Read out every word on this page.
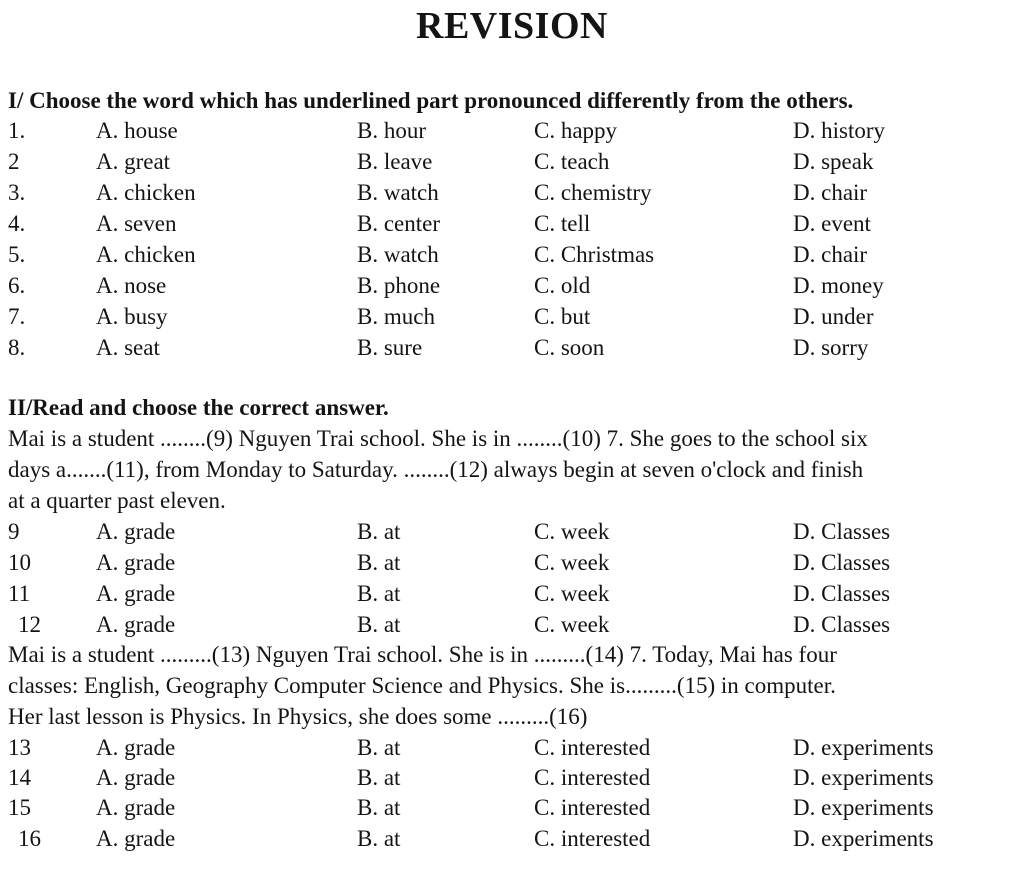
REVISION
I/ Choose the word which has underlined part pronounced differently from the others.
1.	A. house	B. hour	C. happy	D. history
2	A. great	B. leave	C. teach	D. speak
3.	A. chicken	B. watch	C. chemistry	D. chair
4.	A. seven	B. center	C. tell	D. event
5.	A. chicken	B. watch	C. Christmas	D. chair
6.	A. nose	B. phone	C. old	D. money
7.	A. busy	B. much	C. but	D. under
8.	A. seat	B. sure	C. soon	D. sorry
II/Read and choose the correct answer.
Mai is a student ........(9) Nguyen Trai school. She is in ........(10) 7. She goes to the school six
days a.......(11), from Monday to Saturday. ........(12) always begin at seven o'clock and finish
at a quarter past eleven.
9	A. grade	B. at	C. week	D. Classes
10	A. grade	B. at	C. week	D. Classes
11	A. grade	B. at	C. week	D. Classes
12 A. grade	B. at	C. week	D. Classes
Mai is a student .........(13) Nguyen Trai school. She is in .........(14) 7. Today, Mai has four
classes: English, Geography Computer Science and Physics. She is.........(15) in computer.
Her last lesson is Physics. In Physics, she does some .........(16)
13	A. grade	B. at	C. interested	D. experiments
14	A. grade	B. at	C. interested	D. experiments
15	A. grade	B. at	C. interested	D. experiments
16 A. grade	B. at	C. interested	D. experiments
